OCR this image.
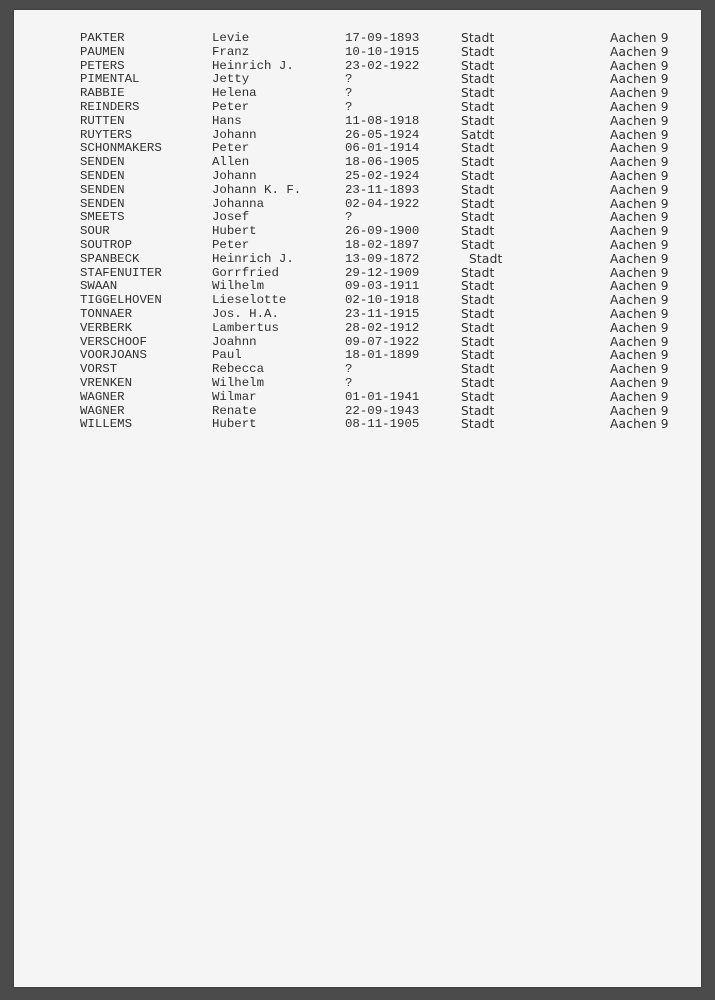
PAKTER	Levie	17-09-1893	Stadt	Aachen 9
PAUMEN	Franz	10-10-1915	Stadt	Aachen 9
PETERS	Heinrich J.	23-02-1922	Stadt	Aachen 9
PIMENTAL	Jetty	?	Stadt	Aachen 9
RABBIE	Helena	?	Stadt	Aachen 9
REINDERS	Peter	?	Stadt	Aachen 9
RUTTEN	Hans	11-08-1918	Stadt	Aachen 9
RUYTERS	Johann	26-05-1924	Satdt	Aachen 9
SCHONMAKERS	Peter	06-01-1914	Stadt	Aachen 9
SENDEN	Allen	18-06-1905	Stadt	Aachen 9
SENDEN	Johann	25-02-1924	Stadt	Aachen 9
SENDEN	Johann K. F.	23-11-1893	Stadt	Aachen 9
SENDEN	Johanna	02-04-1922	Stadt	Aachen 9
SMEETS	Josef	?	Stadt	Aachen 9
SOUR	Hubert	26-09-1900	Stadt	Aachen 9
SOUTROP	Peter	18-02-1897	Stadt	Aachen 9
SPANBECK	Heinrich J.	13-09-1872	Stadt	Aachen 9
STAFENUITER	Gorrfried	29-12-1909	Stadt	Aachen 9
SWAAN	Wilhelm	09-03-1911	Stadt	Aachen 9
TIGGELHOVEN	Lieselotte	02-10-1918	Stadt	Aachen 9
TONNAER	Jos. H.A.	23-11-1915	Stadt	Aachen 9
VERBERK	Lambertus	28-02-1912	Stadt	Aachen 9
VERSCHOOF	Joahnn	09-07-1922	Stadt	Aachen 9
VOORJOANS	Paul	18-01-1899	Stadt	Aachen 9
VORST	Rebecca	?	Stadt	Aachen 9
VRENKEN	Wilhelm	?	Stadt	Aachen 9
WAGNER	Wilmar	01-01-1941	Stadt	Aachen 9
WAGNER	Renate	22-09-1943	Stadt	Aachen 9
WILLEMS	Hubert	08-11-1905	Stadt	Aachen 9
